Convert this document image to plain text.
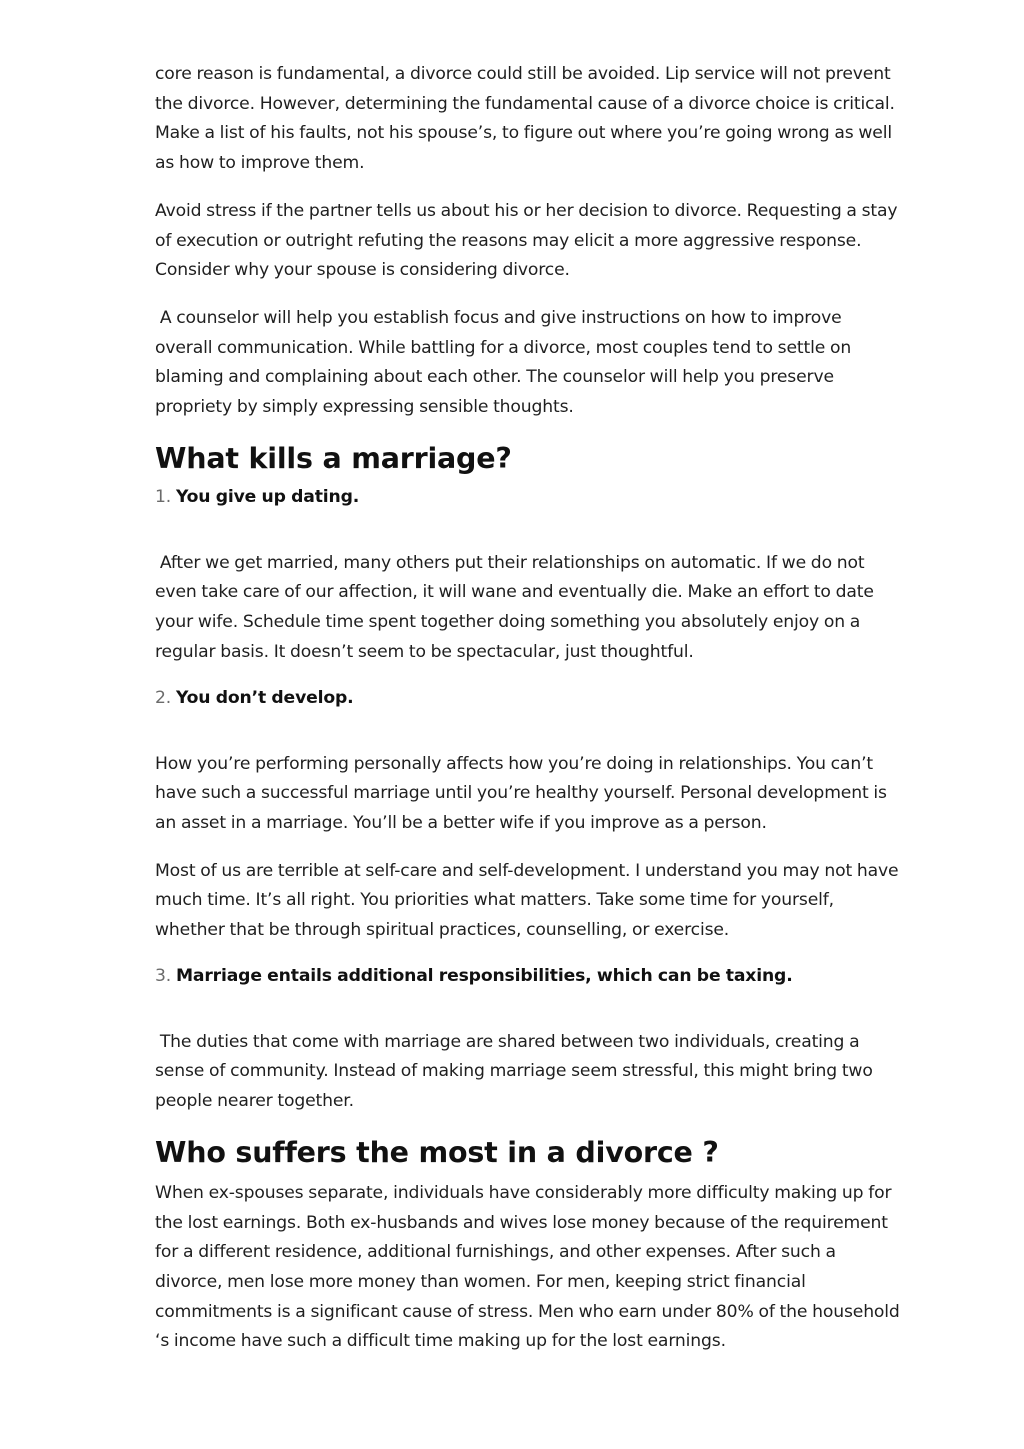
core reason is fundamental, a divorce could still be avoided. Lip service will not prevent the divorce. However, determining the fundamental cause of a divorce choice is critical. Make a list of his faults, not his spouse’s, to figure out where you’re going wrong as well as how to improve them.

Avoid stress if the partner tells us about his or her decision to divorce. Requesting a stay of execution or outright refuting the reasons may elicit a more aggressive response. Consider why your spouse is considering divorce.

A counselor will help you establish focus and give instructions on how to improve overall communication. While battling for a divorce, most couples tend to settle on blaming and complaining about each other. The counselor will help you preserve propriety by simply expressing sensible thoughts.

What kills a marriage?
1. You give up dating.

After we get married, many others put their relationships on automatic. If we do not even take care of our affection, it will wane and eventually die. Make an effort to date your wife. Schedule time spent together doing something you absolutely enjoy on a regular basis. It doesn’t seem to be spectacular, just thoughtful.

2. You don’t develop.

How you’re performing personally affects how you’re doing in relationships. You can’t have such a successful marriage until you’re healthy yourself. Personal development is an asset in a marriage. You’ll be a better wife if you improve as a person.

Most of us are terrible at self-care and self-development. I understand you may not have much time. It’s all right. You priorities what matters. Take some time for yourself, whether that be through spiritual practices, counselling, or exercise.

3. Marriage entails additional responsibilities, which can be taxing.

The duties that come with marriage are shared between two individuals, creating a sense of community. Instead of making marriage seem stressful, this might bring two people nearer together.

Who suffers the most in a divorce ?

When ex-spouses separate, individuals have considerably more difficulty making up for the lost earnings. Both ex-husbands and wives lose money because of the requirement for a different residence, additional furnishings, and other expenses. After such a divorce, men lose more money than women. For men, keeping strict financial commitments is a significant cause of stress. Men who earn under 80% of the household ‘s income have such a difficult time making up for the lost earnings.
